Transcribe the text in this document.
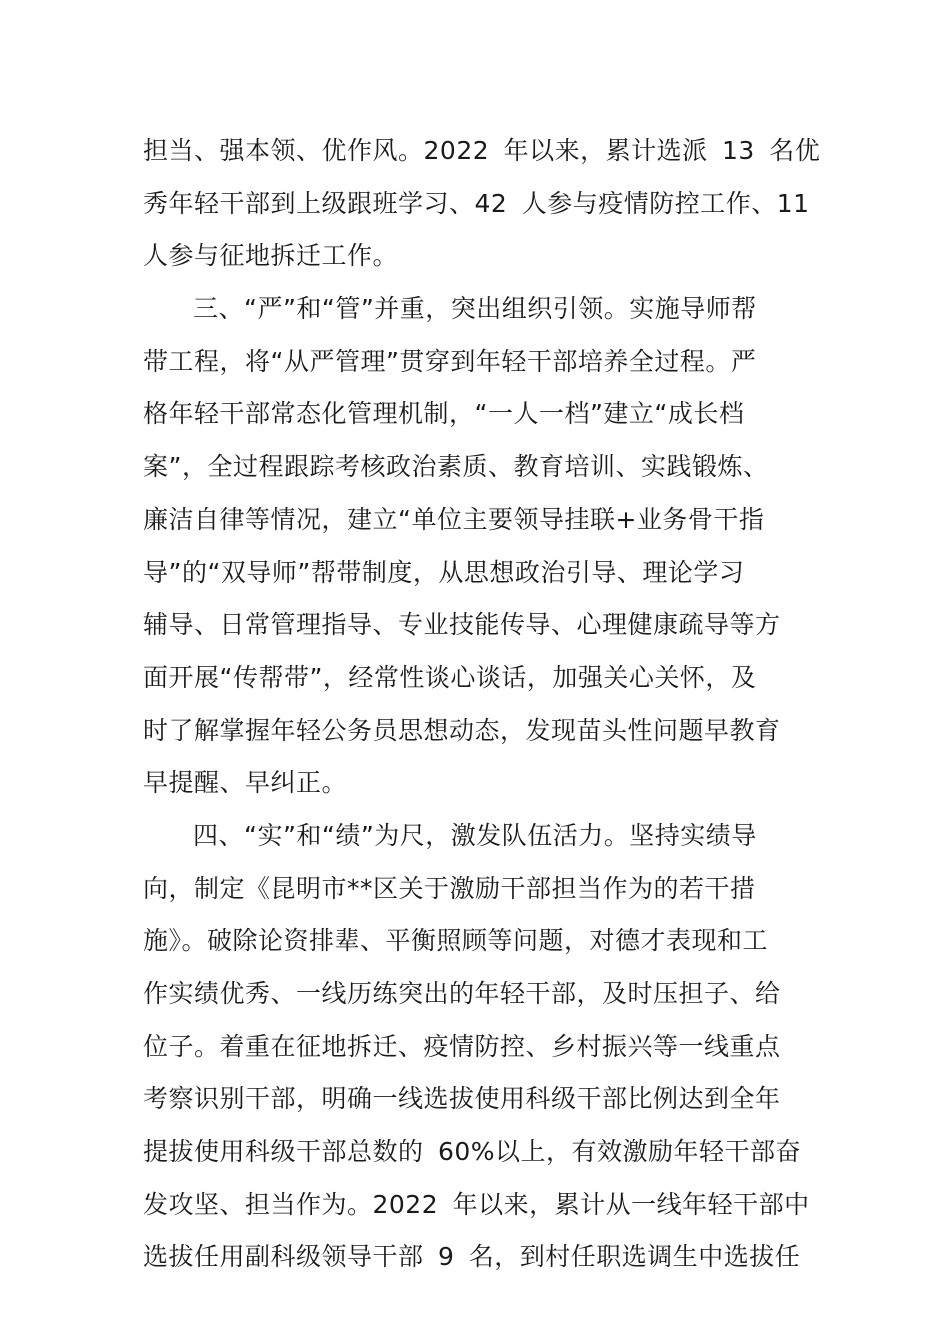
担当、强本领、优作风。2022 年以来，累计选派 13 名优
秀年轻干部到上级跟班学习、42 人参与疫情防控工作、11
人参与征地拆迁工作。
三、“严”和“管”并重，突出组织引领。实施导师帮
带工程，将“从严管理”贯穿到年轻干部培养全过程。严
格年轻干部常态化管理机制，“一人一档”建立“成长档
案”，全过程跟踪考核政治素质、教育培训、实践锻炼、
廉洁自律等情况，建立“单位主要领导挂联+业务骨干指
导”的“双导师”帮带制度，从思想政治引导、理论学习
辅导、日常管理指导、专业技能传导、心理健康疏导等方
面开展“传帮带”，经常性谈心谈话，加强关心关怀，及
时了解掌握年轻公务员思想动态，发现苗头性问题早教育
早提醒、早纠正。
四、“实”和“绩”为尺，激发队伍活力。坚持实绩导
向，制定《昆明市**区关于激励干部担当作为的若干措
施》。破除论资排辈、平衡照顾等问题，对德才表现和工
作实绩优秀、一线历练突出的年轻干部，及时压担子、给
位子。着重在征地拆迁、疫情防控、乡村振兴等一线重点
考察识别干部，明确一线选拔使用科级干部比例达到全年
提拔使用科级干部总数的 60%以上，有效激励年轻干部奋
发攻坚、担当作为。2022 年以来，累计从一线年轻干部中
选拔任用副科级领导干部 9 名，到村任职选调生中选拔任
